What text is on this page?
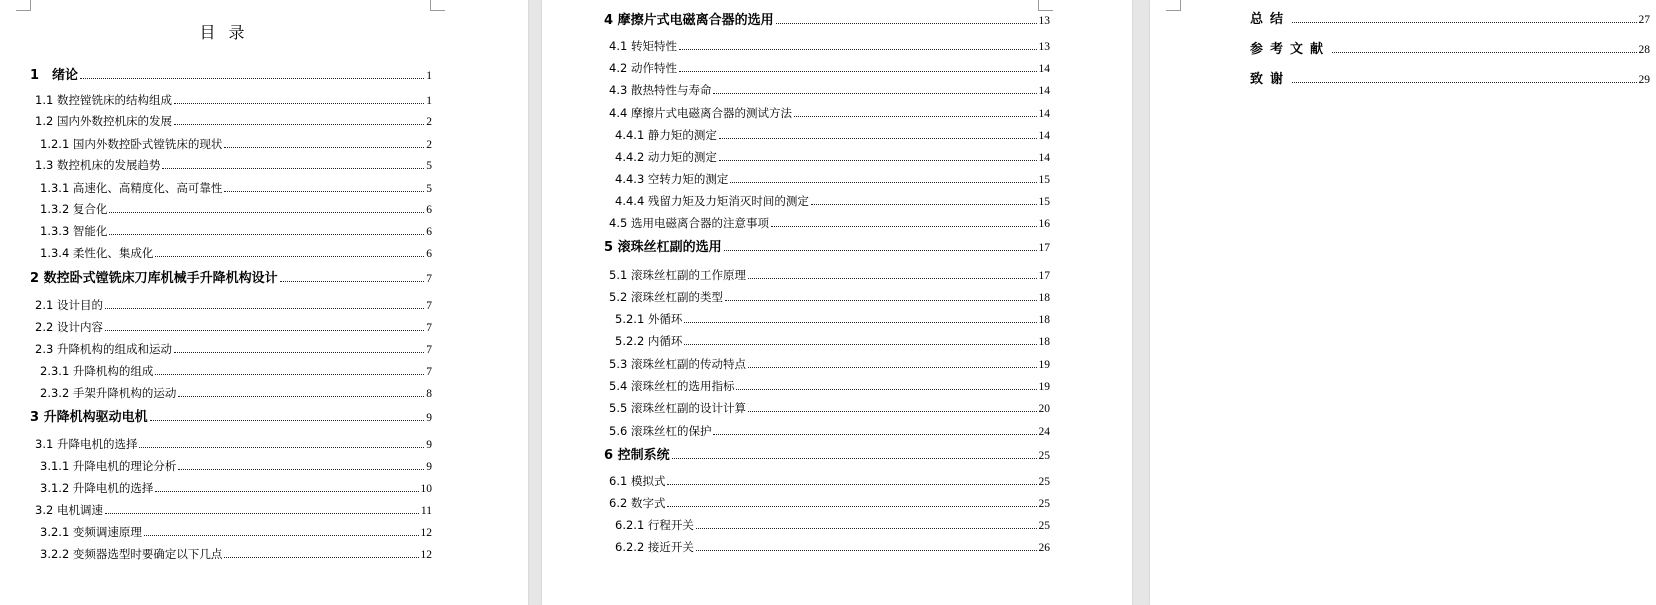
目 录
1　绪论	1
1.1 数控镗铣床的结构组成	1
1.2 国内外数控机床的发展	2
1.2.1 国内外数控卧式镗铣床的现状	2
1.3 数控机床的发展趋势	5
1.3.1 高速化、高精度化、高可靠性	5
1.3.2 复合化	6
1.3.3 智能化	6
1.3.4 柔性化、集成化	6
2 数控卧式镗铣床刀库机械手升降机构设计	7
2.1 设计目的	7
2.2 设计内容	7
2.3 升降机构的组成和运动	7
2.3.1 升降机构的组成	7
2.3.2 手架升降机构的运动	8
3 升降机构驱动电机	9
3.1 升降电机的选择	9
3.1.1 升降电机的理论分析	9
3.1.2 升降电机的选择	10
3.2 电机调速	11
3.2.1 变频调速原理	12
3.2.2 变频器选型时要确定以下几点	12
4 摩擦片式电磁离合器的选用	13
4.1 转矩特性	13
4.2 动作特性	14
4.3 散热特性与寿命	14
4.4 摩擦片式电磁离合器的测试方法	14
4.4.1 静力矩的测定	14
4.4.2 动力矩的测定	14
4.4.3 空转力矩的测定	15
4.4.4 残留力矩及力矩消灭时间的测定	15
4.5 选用电磁离合器的注意事项	16
5 滚珠丝杠副的选用	17
5.1 滚珠丝杠副的工作原理	17
5.2 滚珠丝杠副的类型	18
5.2.1 外循环	18
5.2.2 内循环	18
5.3 滚珠丝杠副的传动特点	19
5.4 滚珠丝杠的选用指标	19
5.5 滚珠丝杠副的设计计算	20
5.6 滚珠丝杠的保护	24
6 控制系统	25
6.1 模拟式	25
6.2 数字式	25
6.2.1 行程开关	25
6.2.2 接近开关	26
总结	27
参考文献	28
致谢	29
